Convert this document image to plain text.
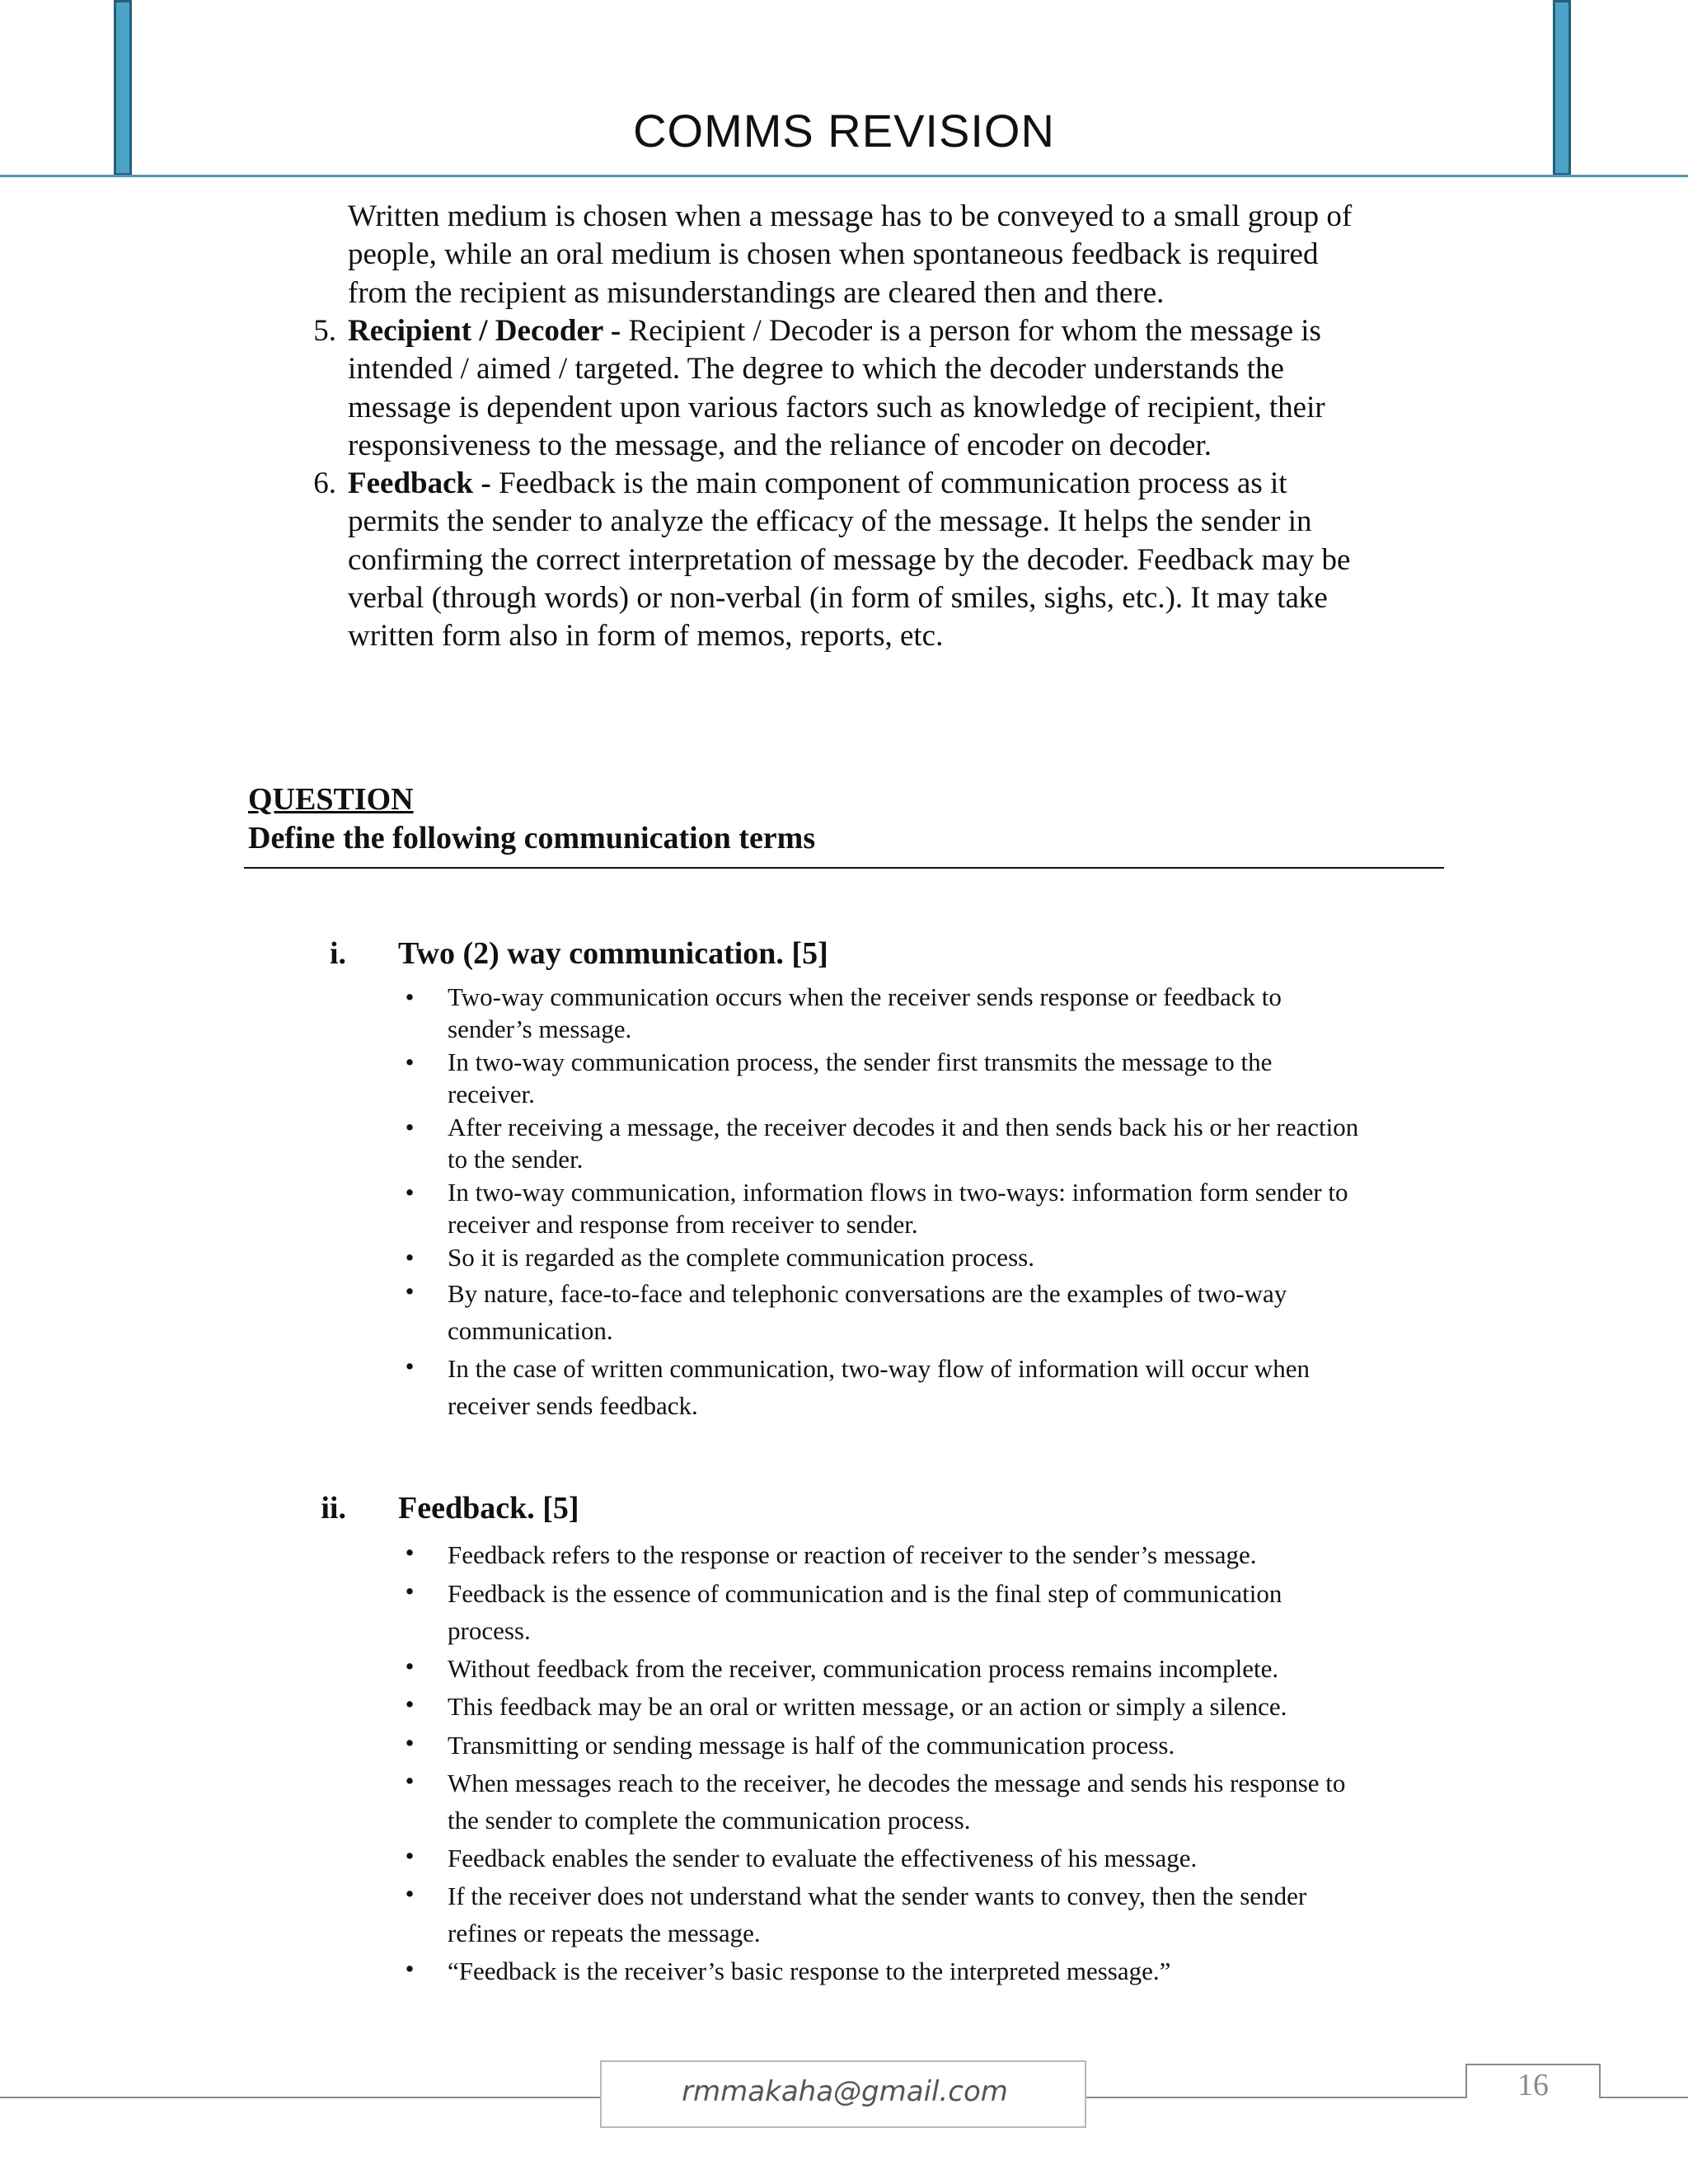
COMMS REVISION
Written medium is chosen when a message has to be conveyed to a small group of
people, while an oral medium is chosen when spontaneous feedback is required
from the recipient as misunderstandings are cleared then and there.
5. Recipient / Decoder - Recipient / Decoder is a person for whom the message is
intended / aimed / targeted. The degree to which the decoder understands the
message is dependent upon various factors such as knowledge of recipient, their
responsiveness to the message, and the reliance of encoder on decoder.
6. Feedback - Feedback is the main component of communication process as it
permits the sender to analyze the efficacy of the message. It helps the sender in
confirming the correct interpretation of message by the decoder. Feedback may be
verbal (through words) or non-verbal (in form of smiles, sighs, etc.). It may take
written form also in form of memos, reports, etc.
QUESTION
Define the following communication terms
i. Two (2) way communication. [5]
• Two-way communication occurs when the receiver sends response or feedback to
sender’s message.
• In two-way communication process, the sender first transmits the message to the
receiver.
• After receiving a message, the receiver decodes it and then sends back his or her reaction
to the sender.
• In two-way communication, information flows in two-ways: information form sender to
receiver and response from receiver to sender.
• So it is regarded as the complete communication process.
• By nature, face-to-face and telephonic conversations are the examples of two-way
communication.
• In the case of written communication, two-way flow of information will occur when
receiver sends feedback.
ii. Feedback. [5]
• Feedback refers to the response or reaction of receiver to the sender’s message.
• Feedback is the essence of communication and is the final step of communication
process.
• Without feedback from the receiver, communication process remains incomplete.
• This feedback may be an oral or written message, or an action or simply a silence.
• Transmitting or sending message is half of the communication process.
• When messages reach to the receiver, he decodes the message and sends his response to
the sender to complete the communication process.
• Feedback enables the sender to evaluate the effectiveness of his message.
• If the receiver does not understand what the sender wants to convey, then the sender
refines or repeats the message.
• “Feedback is the receiver’s basic response to the interpreted message.”
rmmakaha@gmail.com	16
